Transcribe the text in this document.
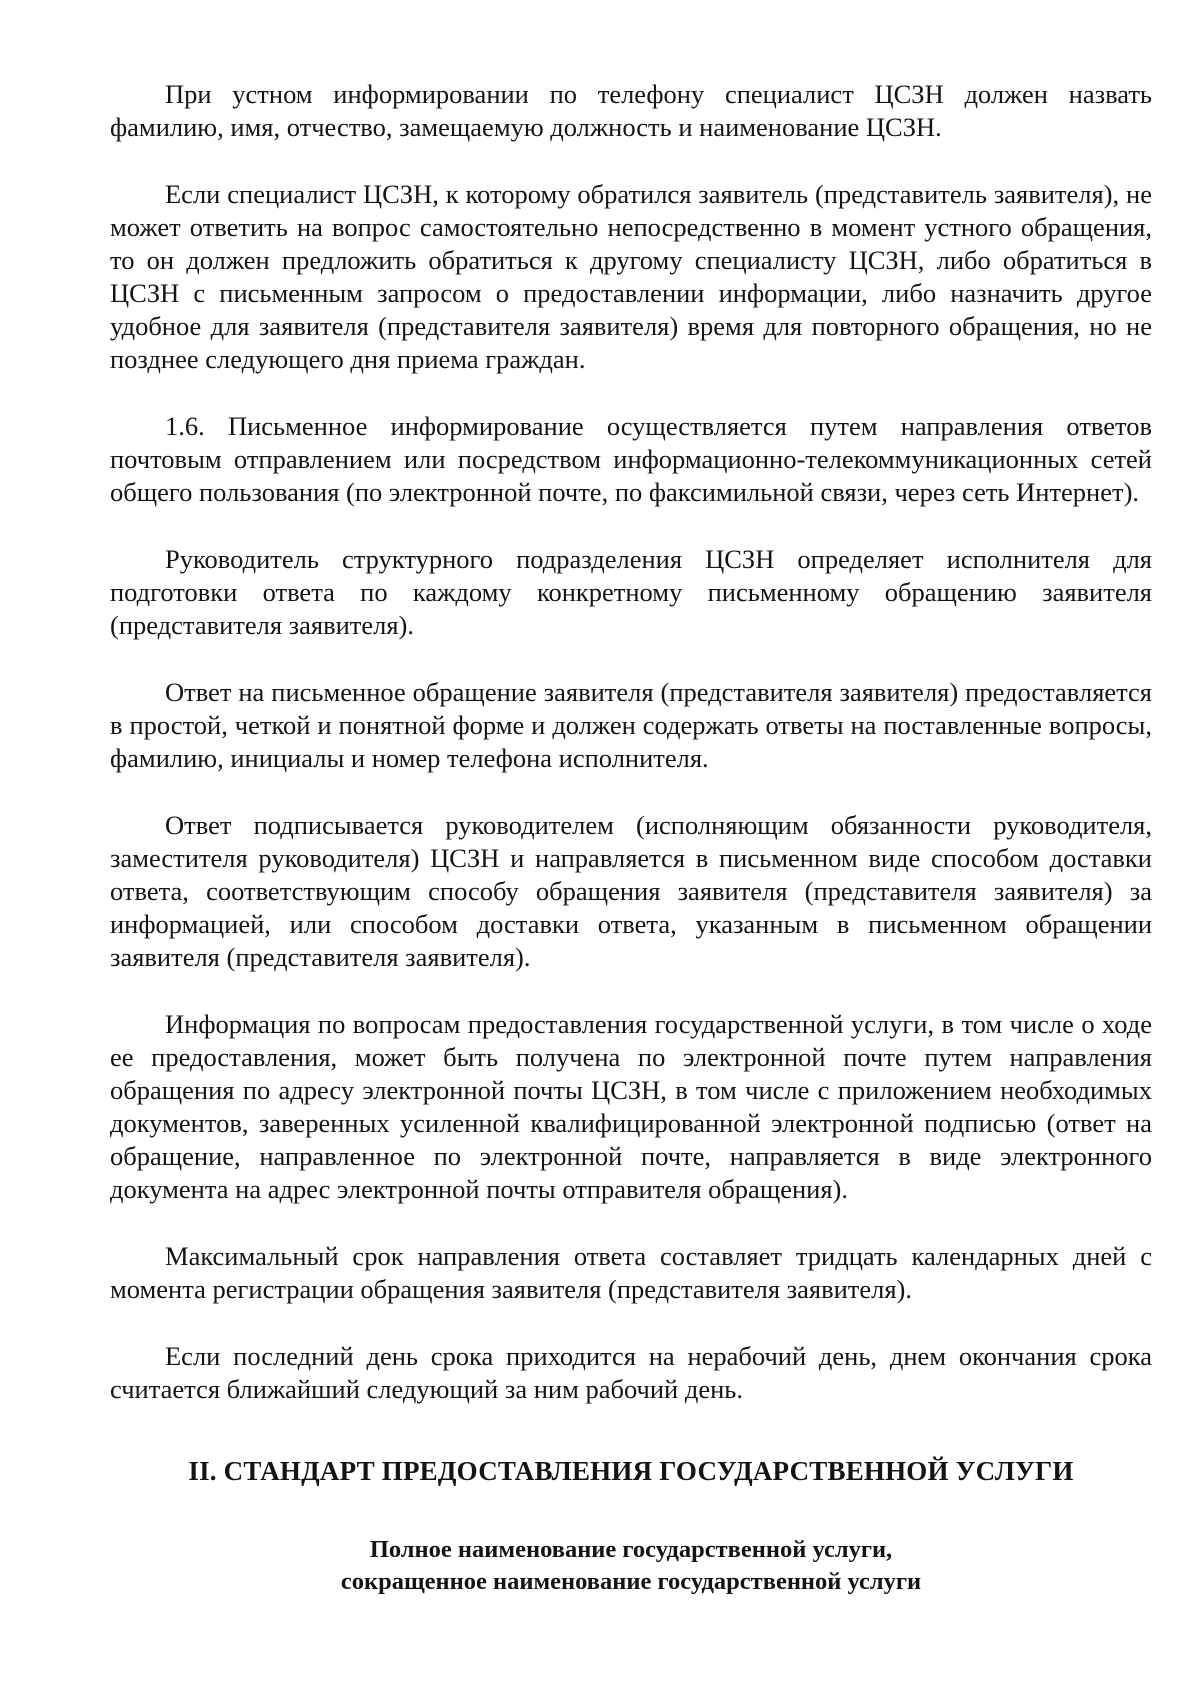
При устном информировании по телефону специалист ЦСЗН должен назвать фамилию, имя, отчество, замещаемую должность и наименование ЦСЗН.

Если специалист ЦСЗН, к которому обратился заявитель (представитель заявителя), не может ответить на вопрос самостоятельно непосредственно в момент устного обращения, то он должен предложить обратиться к другому специалисту ЦСЗН, либо обратиться в ЦСЗН с письменным запросом о предоставлении информации, либо назначить другое удобное для заявителя (представителя заявителя) время для повторного обращения, но не позднее следующего дня приема граждан.

1.6. Письменное информирование осуществляется путем направления ответов почтовым отправлением или посредством информационно-телекоммуникационных сетей общего пользования (по электронной почте, по факсимильной связи, через сеть Интернет).

Руководитель структурного подразделения ЦСЗН определяет исполнителя для подготовки ответа по каждому конкретному письменному обращению заявителя (представителя заявителя).

Ответ на письменное обращение заявителя (представителя заявителя) предоставляется в простой, четкой и понятной форме и должен содержать ответы на поставленные вопросы, фамилию, инициалы и номер телефона исполнителя.

Ответ подписывается руководителем (исполняющим обязанности руководителя, заместителя руководителя) ЦСЗН и направляется в письменном виде способом доставки ответа, соответствующим способу обращения заявителя (представителя заявителя) за информацией, или способом доставки ответа, указанным в письменном обращении заявителя (представителя заявителя).

Информация по вопросам предоставления государственной услуги, в том числе о ходе ее предоставления, может быть получена по электронной почте путем направления обращения по адресу электронной почты ЦСЗН, в том числе с приложением необходимых документов, заверенных усиленной квалифицированной электронной подписью (ответ на обращение, направленное по электронной почте, направляется в виде электронного документа на адрес электронной почты отправителя обращения).

Максимальный срок направления ответа составляет тридцать календарных дней с момента регистрации обращения заявителя (представителя заявителя).

Если последний день срока приходится на нерабочий день, днем окончания срока считается ближайший следующий за ним рабочий день.

II. СТАНДАРТ ПРЕДОСТАВЛЕНИЯ ГОСУДАРСТВЕННОЙ УСЛУГИ
Полное наименование государственной услуги,
сокращенное наименование государственной услуги
